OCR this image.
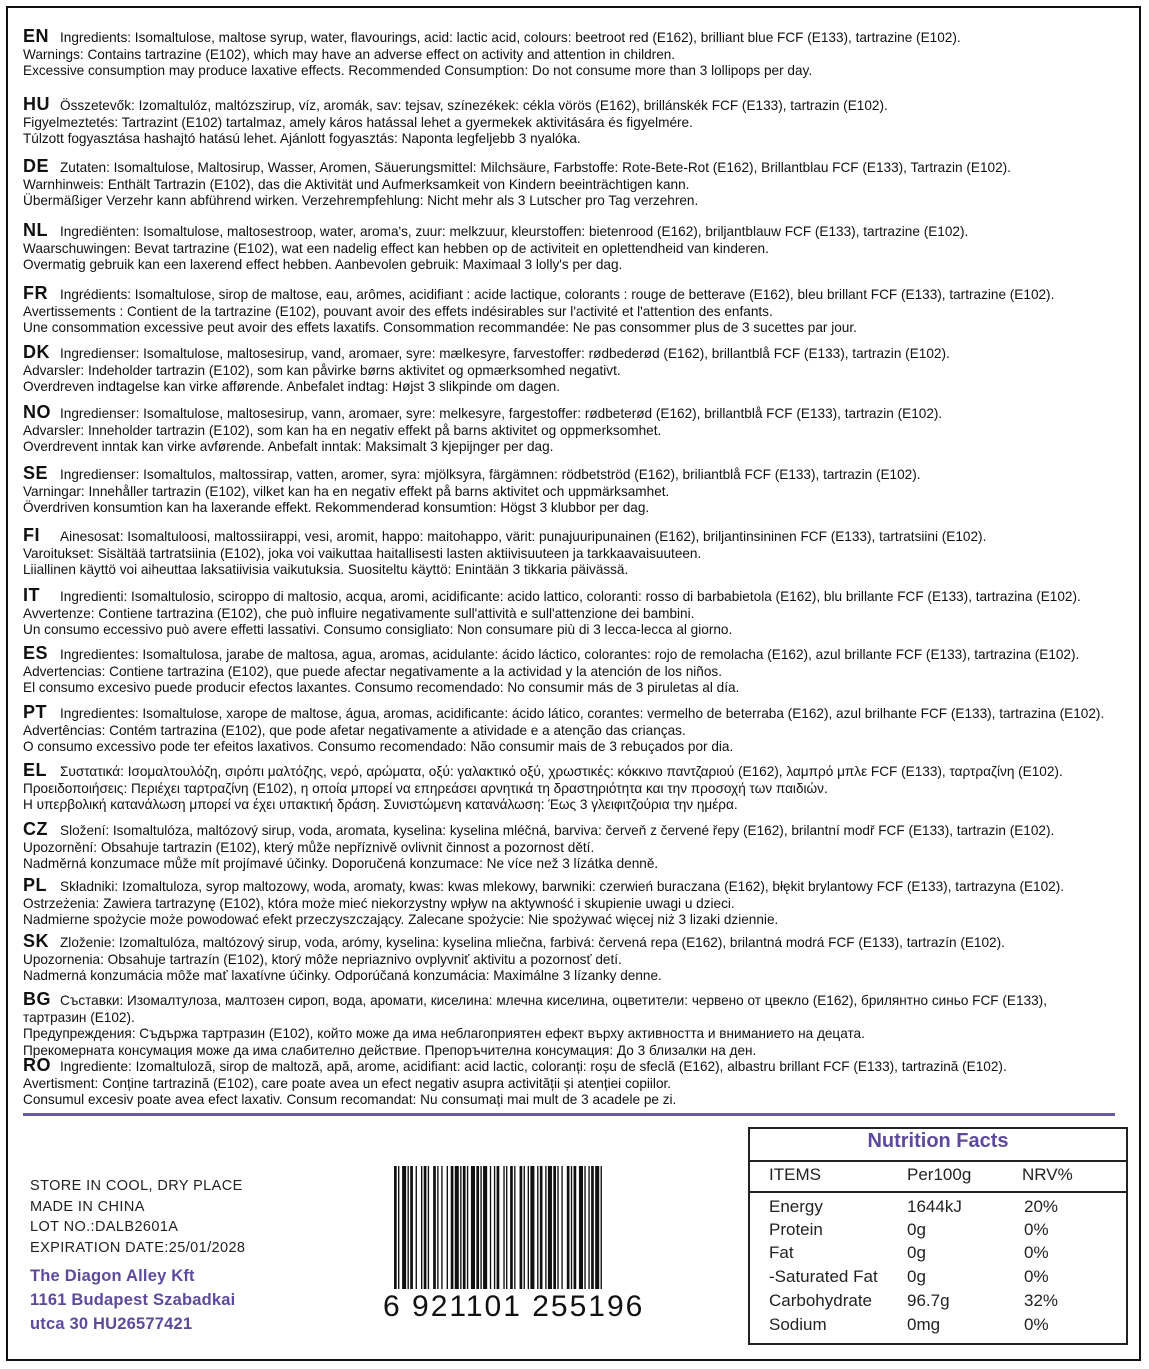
EN Ingredients: Isomaltulose, maltose syrup, water, flavourings, acid: lactic acid, colours: beetroot red (E162), brilliant blue FCF (E133), tartrazine (E102).
Warnings: Contains tartrazine (E102), which may have an adverse effect on activity and attention in children.
Excessive consumption may produce laxative effects. Recommended Consumption: Do not consume more than 3 lollipops per day.
HU Összetevők: Izomaltulóz, maltózszirup, víz, aromák, sav: tejsav, színezékek: cékla vörös (E162), brillánskék FCF (E133), tartrazin (E102).
Figyelmeztetés: Tartrazint (E102) tartalmaz, amely káros hatással lehet a gyermekek aktivitására és figyelmére.
Túlzott fogyasztása hashajtó hatású lehet. Ajánlott fogyasztás: Naponta legfeljebb 3 nyalóka.
DE Zutaten: Isomaltulose, Maltosirup, Wasser, Aromen, Säuerungsmittel: Milchsäure, Farbstoffe: Rote-Bete-Rot (E162), Brillantblau FCF (E133), Tartrazin (E102).
Warnhinweis: Enthält Tartrazin (E102), das die Aktivität und Aufmerksamkeit von Kindern beeinträchtigen kann.
Übermäßiger Verzehr kann abführend wirken. Verzehrempfehlung: Nicht mehr als 3 Lutscher pro Tag verzehren.
NL Ingrediënten: Isomaltulose, maltosestroop, water, aroma's, zuur: melkzuur, kleurstoffen: bietenrood (E162), briljantblauw FCF (E133), tartrazine (E102).
Waarschuwingen: Bevat tartrazine (E102), wat een nadelig effect kan hebben op de activiteit en oplettendheid van kinderen.
Overmatig gebruik kan een laxerend effect hebben. Aanbevolen gebruik: Maximaal 3 lolly's per dag.
FR Ingrédients: Isomaltulose, sirop de maltose, eau, arômes, acidifiant : acide lactique, colorants : rouge de betterave (E162), bleu brillant FCF (E133), tartrazine (E102).
Avertissements : Contient de la tartrazine (E102), pouvant avoir des effets indésirables sur l'activité et l'attention des enfants.
Une consommation excessive peut avoir des effets laxatifs. Consommation recommandée: Ne pas consommer plus de 3 sucettes par jour.
DK Ingredienser: Isomaltulose, maltosesirup, vand, aromaer, syre: mælkesyre, farvestoffer: rødbederød (E162), brillantblå FCF (E133), tartrazin (E102).
Advarsler: Indeholder tartrazin (E102), som kan påvirke børns aktivitet og opmærksomhed negativt.
Overdreven indtagelse kan virke afførende. Anbefalet indtag: Højst 3 slikpinde om dagen.
NO Ingredienser: Isomaltulose, maltosesirup, vann, aromaer, syre: melkesyre, fargestoffer: rødbeterød (E162), brillantblå FCF (E133), tartrazin (E102).
Advarsler: Inneholder tartrazin (E102), som kan ha en negativ effekt på barns aktivitet og oppmerksomhet.
Overdrevent inntak kan virke avførende. Anbefalt inntak: Maksimalt 3 kjepijnger per dag.
SE Ingredienser: Isomaltulos, maltossirap, vatten, aromer, syra: mjölksyra, färgämnen: rödbetströd (E162), briliantblå FCF (E133), tartrazin (E102).
Varningar: Innehåller tartrazin (E102), vilket kan ha en negativ effekt på barns aktivitet och uppmärksamhet.
Överdriven konsumtion kan ha laxerande effekt. Rekommenderad konsumtion: Högst 3 klubbor per dag.
FI	Ainesosat: Isomaltuloosi, maltossiirappi, vesi, aromit, happo: maitohappo, värit: punajuuripunainen (E162), briljantinsininen FCF (E133), tartratsiini (E102).
Varoitukset: Sisältää tartratsiinia (E102), joka voi vaikuttaa haitallisesti lasten aktiivisuuteen ja tarkkaavaisuuteen.
Liiallinen käyttö voi aiheuttaa laksatiivisia vaikutuksia. Suositeltu käyttö: Enintään 3 tikkaria päivässä.
IT	Ingredienti: Isomaltulosio, sciroppo di maltosio, acqua, aromi, acidificante: acido lattico, coloranti: rosso di barbabietola (E162), blu brillante FCF (E133), tartrazina (E102).
Avvertenze: Contiene tartrazina (E102), che può influire negativamente sull'attività e sull'attenzione dei bambini.
Un consumo eccessivo può avere effetti lassativi. Consumo consigliato: Non consumare più di 3 lecca-lecca al giorno.
ES Ingredientes: Isomaltulosa, jarabe de maltosa, agua, aromas, acidulante: ácido láctico, colorantes: rojo de remolacha (E162), azul brillante FCF (E133), tartrazina (E102).
Advertencias: Contiene tartrazina (E102), que puede afectar negativamente a la actividad y la atención de los niños.
El consumo excesivo puede producir efectos laxantes. Consumo recomendado: No consumir más de 3 piruletas al día.
PT Ingredientes: Isomaltulose, xarope de maltose, água, aromas, acidificante: ácido lático, corantes: vermelho de beterraba (E162), azul brilhante FCF (E133), tartrazina (E102).
Advertências: Contém tartrazina (E102), que pode afetar negativamente a atividade e a atenção das crianças.
O consumo excessivo pode ter efeitos laxativos. Consumo recomendado: Não consumir mais de 3 rebuçados por dia.
EL Συστατικά: Ισομαλτουλόζη, σιρόπι μαλτόζης, νερό, αρώματα, οξύ: γαλακτικό οξύ, χρωστικές: κόκκινο παντζαριού (E162), λαμπρό μπλε FCF (E133), ταρτραζίνη (E102).
Προειδοποιήσεις: Περιέχει ταρτραζίνη (E102), η οποία μπορεί να επηρεάσει αρνητικά τη δραστηριότητα και την προσοχή των παιδιών.
Η υπερβολική κατανάλωση μπορεί να έχει υπακτική δράση. Συνιστώμενη κατανάλωση: Έως 3 γλειφιτζούρια την ημέρα.
CZ Složení: Isomaltulóza, maltózový sirup, voda, aromata, kyselina: kyselina mléčná, barviva: červeň z červené řepy (E162), brilantní modř FCF (E133), tartrazin (E102).
Upozornění: Obsahuje tartrazin (E102), který může nepříznivě ovlivnit činnost a pozornost dětí.
Nadměrná konzumace může mít projímavé účinky. Doporučená konzumace: Ne více než 3 lízátka denně.
PL Składniki: Izomaltuloza, syrop maltozowy, woda, aromaty, kwas: kwas mlekowy, barwniki: czerwień buraczana (E162), błękit brylantowy FCF (E133), tartrazyna (E102).
Ostrzeżenia: Zawiera tartrazynę (E102), która może mieć niekorzystny wpływ na aktywność i skupienie uwagi u dzieci.
Nadmierne spożycie może powodować efekt przeczyszczający. Zalecane spożycie: Nie spożywać więcej niż 3 lizaki dziennie.
SK Zloženie: Izomaltulóza, maltózový sirup, voda, arómy, kyselina: kyselina mliečna, farbivá: červená repa (E162), brilantná modrá FCF (E133), tartrazín (E102).
Upozornenia: Obsahuje tartrazín (E102), ktorý môže nepriaznivo ovplyvniť aktivitu a pozornosť detí.
Nadmerná konzumácia môže mať laxatívne účinky. Odporúčaná konzumácia: Maximálne 3 lízanky denne.
BG Съставки: Изомалтулоза, малтозен сироп, вода, аромати, киселина: млечна киселина, оцветители: червено от цвекло (E162), брилянтно синьо FCF (E133),
тартразин (E102).
Предупреждения: Съдържа тартразин (E102), който може да има неблагоприятен ефект върху активността и вниманието на децата.
Прекомерната консумация може да има слабително действие. Препоръчителна консумация: До 3 близалки на ден.
RO Ingrediente: Izomaltuloză, sirop de maltoză, apă, arome, acidifiant: acid lactic, coloranți: roșu de sfeclă (E162), albastru brillant FCF (E133), tartrazină (E102).
Avertisment: Conține tartrazină (E102), care poate avea un efect negativ asupra activității și atenției copiilor.
Consumul excesiv poate avea efect laxativ. Consum recomandat: Nu consumați mai mult de 3 acadele pe zi.
STORE IN COOL, DRY PLACE
MADE IN CHINA
LOT NO.:DALB2601A
EXPIRATION DATE:25/01/2028
The Diagon Alley Kft
1161 Budapest Szabadkai
utca 30 HU26577421
6 921101 255196
Nutrition Facts
ITEMS	Per100g	NRV%
Energy	1644kJ	20%
Protein	0g	0%
Fat	0g	0%
-Saturated Fat 0g	0%
Carbohydrate 96.7g	32%
Sodium	0mg	0%
